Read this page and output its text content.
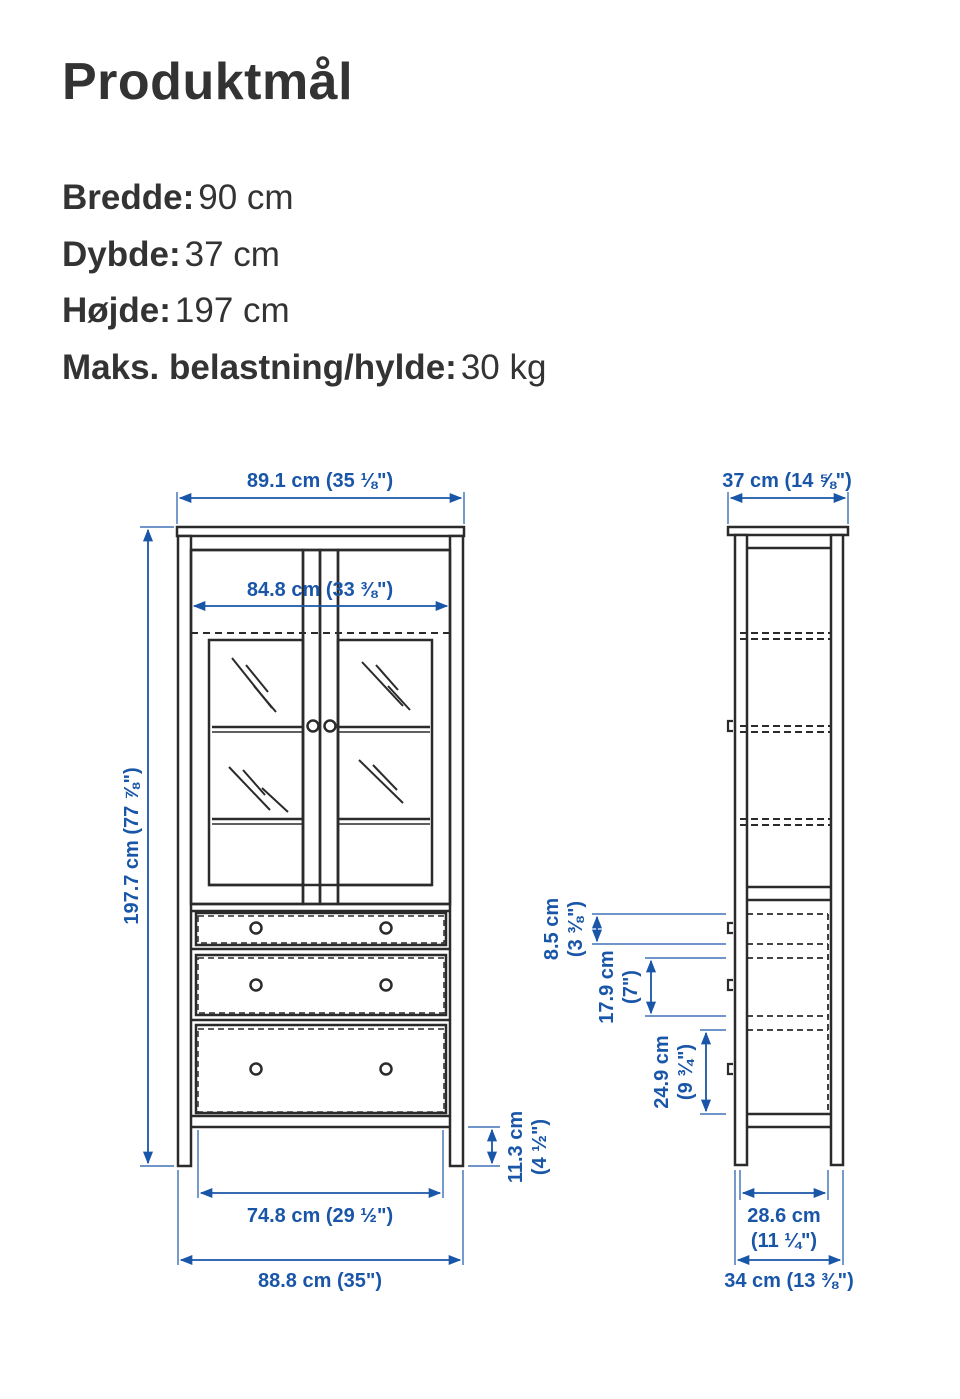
Produktmål
Bredde: 90 cm
Dybde: 37 cm
Højde: 197 cm
Maks. belastning/hylde: 30 kg
89.1 cm (35 ⅛")
84.8 cm (33 ⅜")
197.7 cm (77 ⅞")
74.8 cm (29 ½")
88.8 cm (35")
11.3 cm (4 ½")
8.5 cm (3 ⅜")
17.9 cm (7")
24.9 cm (9 ¾")
37 cm (14 ⅝")
28.6 cm
(11 ¼")
34 cm (13 ⅜")
